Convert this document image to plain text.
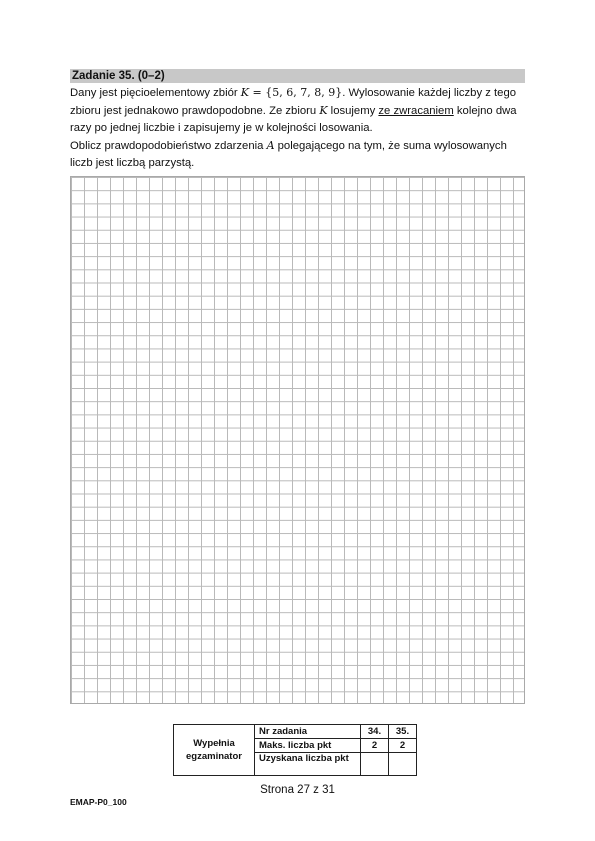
Zadanie 35. (0–2)

Dany jest pięcioelementowy zbiór K = {5, 6, 7, 8, 9}. Wylosowanie każdej liczby z tego

zbioru jest jednakowo prawdopodobne. Ze zbioru K losujemy ze zwracaniem kolejno dwa

razy po jednej liczbie i zapisujemy je w kolejności losowania.

Oblicz prawdopodobieństwo zdarzenia A polegającego na tym, że suma wylosowanych

liczb jest liczbą parzystą.

Wypełnia
egzaminator	Nr zadania	34.	35.
	Maks. liczba pkt	2	2
	Uzyskana liczba pkt		
Strona 27 z 31
EMAP-P0_100
